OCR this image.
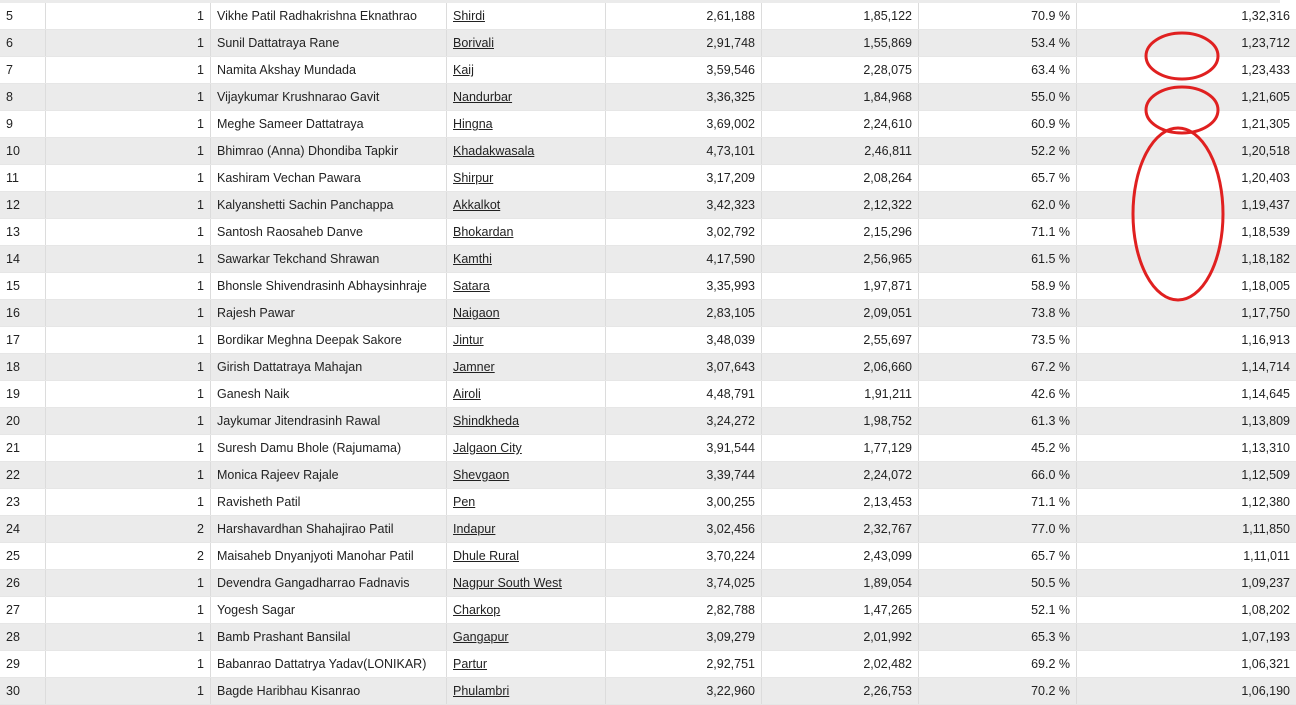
5	1	Vikhe Patil Radhakrishna Eknathrao	Shirdi	2,61,188	1,85,122	70.9 %	1,32,316
6	1	Sunil Dattatraya Rane	Borivali	2,91,748	1,55,869	53.4 %	1,23,712
7	1	Namita Akshay Mundada	Kaij	3,59,546	2,28,075	63.4 %	1,23,433
8	1	Vijaykumar Krushnarao Gavit	Nandurbar	3,36,325	1,84,968	55.0 %	1,21,605
9	1	Meghe Sameer Dattatraya	Hingna	3,69,002	2,24,610	60.9 %	1,21,305
10	1	Bhimrao (Anna) Dhondiba Tapkir	Khadakwasala	4,73,101	2,46,811	52.2 %	1,20,518
11	1	Kashiram Vechan Pawara	Shirpur	3,17,209	2,08,264	65.7 %	1,20,403
12	1	Kalyanshetti Sachin Panchappa	Akkalkot	3,42,323	2,12,322	62.0 %	1,19,437
13	1	Santosh Raosaheb Danve	Bhokardan	3,02,792	2,15,296	71.1 %	1,18,539
14	1	Sawarkar Tekchand Shrawan	Kamthi	4,17,590	2,56,965	61.5 %	1,18,182
15	1	Bhonsle Shivendrasinh Abhaysinhraje	Satara	3,35,993	1,97,871	58.9 %	1,18,005
16	1	Rajesh Pawar	Naigaon	2,83,105	2,09,051	73.8 %	1,17,750
17	1	Bordikar Meghna Deepak Sakore	Jintur	3,48,039	2,55,697	73.5 %	1,16,913
18	1	Girish Dattatraya Mahajan	Jamner	3,07,643	2,06,660	67.2 %	1,14,714
19	1	Ganesh Naik	Airoli	4,48,791	1,91,211	42.6 %	1,14,645
20	1	Jaykumar Jitendrasinh Rawal	Shindkheda	3,24,272	1,98,752	61.3 %	1,13,809
21	1	Suresh Damu Bhole (Rajumama)	Jalgaon City	3,91,544	1,77,129	45.2 %	1,13,310
22	1	Monica Rajeev Rajale	Shevgaon	3,39,744	2,24,072	66.0 %	1,12,509
23	1	Ravisheth Patil	Pen	3,00,255	2,13,453	71.1 %	1,12,380
24	2	Harshavardhan Shahajirao Patil	Indapur	3,02,456	2,32,767	77.0 %	1,11,850
25	2	Maisaheb Dnyanjyoti Manohar Patil	Dhule Rural	3,70,224	2,43,099	65.7 %	1,11,011
26	1	Devendra Gangadharrao Fadnavis	Nagpur South West	3,74,025	1,89,054	50.5 %	1,09,237
27	1	Yogesh Sagar	Charkop	2,82,788	1,47,265	52.1 %	1,08,202
28	1	Bamb Prashant Bansilal	Gangapur	3,09,279	2,01,992	65.3 %	1,07,193
29	1	Babanrao Dattatrya Yadav(LONIKAR)	Partur	2,92,751	2,02,482	69.2 %	1,06,321
30	1	Bagde Haribhau Kisanrao	Phulambri	3,22,960	2,26,753	70.2 %	1,06,190
